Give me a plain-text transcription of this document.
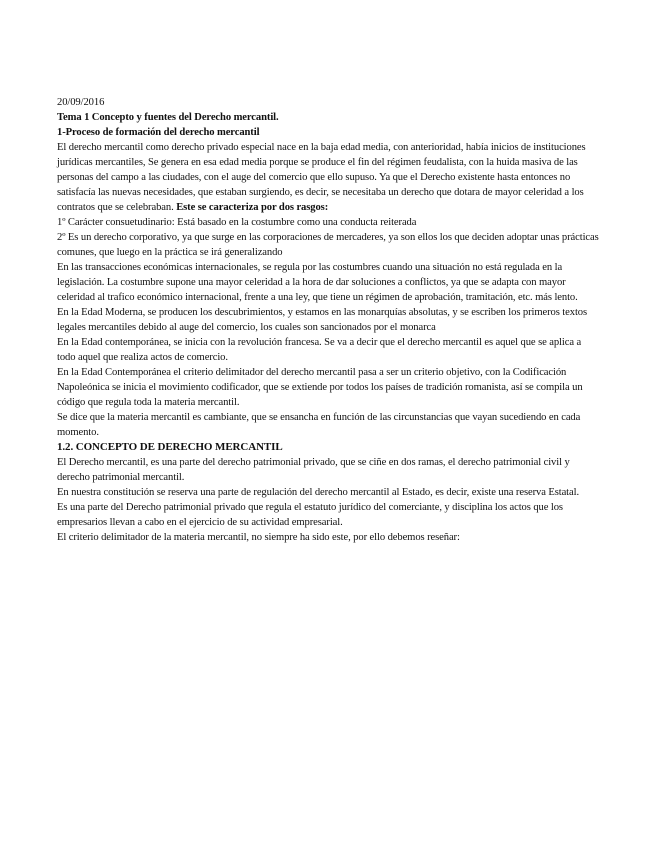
20/09/2016

Tema 1 Concepto y fuentes del Derecho mercantil.

1-Proceso de formación del derecho mercantil

El derecho mercantil como derecho privado especial nace en la baja edad media, con anterioridad, había inicios de instituciones jurídicas mercantiles, Se genera en esa edad media porque se produce el fin del régimen feudalista, con la huida masiva de las personas del campo a las ciudades, con el auge del comercio que ello supuso. Ya que el Derecho existente hasta entonces no satisfacía las nuevas necesidades, que estaban surgiendo, es decir, se necesitaba un derecho que dotara de mayor celeridad a los contratos que se celebraban. Este se caracteriza por dos rasgos:

1º Carácter consuetudinario: Está basado en la costumbre como una conducta reiterada

2º Es un derecho corporativo, ya que surge en las corporaciones de mercaderes, ya son ellos los que deciden adoptar unas prácticas comunes, que luego en la práctica se irá generalizando

En las transacciones económicas internacionales, se regula por las costumbres cuando una situación no está regulada en la legislación. La costumbre supone una mayor celeridad a la hora de dar soluciones a conflictos, ya que se adapta con mayor celeridad al trafico económico internacional, frente a una ley, que tiene un régimen de aprobación, tramitación, etc. más lento.

En la Edad Moderna, se producen los descubrimientos, y estamos en las monarquías absolutas, y se escriben los primeros textos legales mercantiles debido al auge del comercio, los cuales son sancionados por el monarca

En la Edad contemporánea, se inicia con la revolución francesa. Se va a decir que el derecho mercantil es aquel que se aplica a todo aquel que realiza actos de comercio.

En la Edad Contemporánea el criterio delimitador del derecho mercantil pasa a ser un criterio objetivo, con la Codificación Napoleónica se inicia el movimiento codificador, que se extiende por todos los países de tradición romanista, así se compila un código que regula toda la materia mercantil.

Se dice que la materia mercantil es cambiante, que se ensancha en función de las circunstancias que vayan sucediendo en cada momento.

1.2. CONCEPTO DE DERECHO MERCANTIL

El Derecho mercantil, es una parte del derecho patrimonial privado, que se ciñe en dos ramas, el derecho patrimonial civil y derecho patrimonial mercantil.

En nuestra constitución se reserva una parte de regulación del derecho mercantil al Estado, es decir, existe una reserva Estatal.

Es una parte del Derecho patrimonial privado que regula el estatuto jurídico del comerciante, y disciplina los actos que los empresarios llevan a cabo en el ejercicio de su actividad empresarial.

El criterio delimitador de la materia mercantil, no siempre ha sido este, por ello debemos reseñar:
